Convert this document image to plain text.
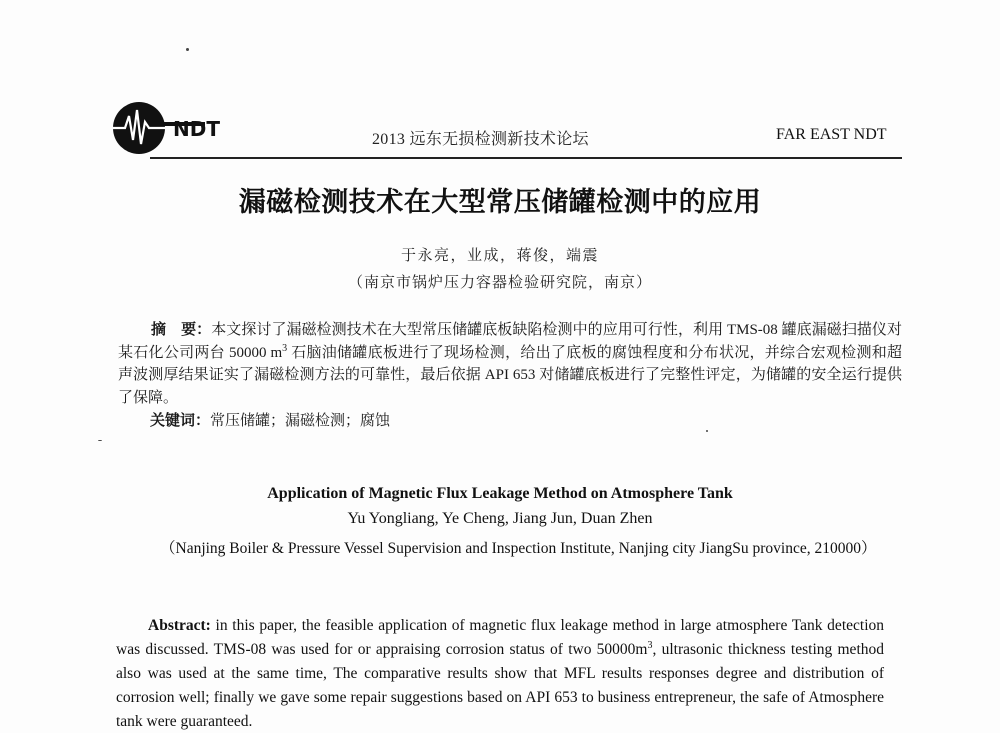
NDT	2013 远东无损检测新技术论坛	FAR EAST NDT
漏磁检测技术在大型常压储罐检测中的应用
于永亮，业成，蒋俊，端震
（南京市锅炉压力容器检验研究院，南京）
摘　要：本文探讨了漏磁检测技术在大型常压储罐底板缺陷检测中的应用可行性，利用 TMS-08 罐底漏磁扫描仪对某石化公司两台 50000 $m^3$ 石脑油储罐底板进行了现场检测，给出了底板的腐蚀程度和分布状况，并综合宏观检测和超声波测厚结果证实了漏磁检测方法的可靠性，最后依据 API 653 对储罐底板进行了完整性评定，为储罐的安全运行提供了保障。
关键词：常压储罐；漏磁检测；腐蚀
Application of Magnetic Flux Leakage Method on Atmosphere Tank
Yu Yongliang, Ye Cheng, Jiang Jun, Duan Zhen
（Nanjing Boiler & Pressure Vessel Supervision and Inspection Institute, Nanjing city JiangSu province, 210000）
Abstract: in this paper, the feasible application of magnetic flux leakage method in large atmosphere Tank detection was discussed. TMS-08 was used for or appraising corrosion status of two $50000m^3$, ultrasonic thickness testing method also was used at the same time, The comparative results show that MFL results responses degree and distribution of corrosion well; finally we gave some repair suggestions based on API 653 to business entrepreneur, the safe of Atmosphere tank were guaranteed.
